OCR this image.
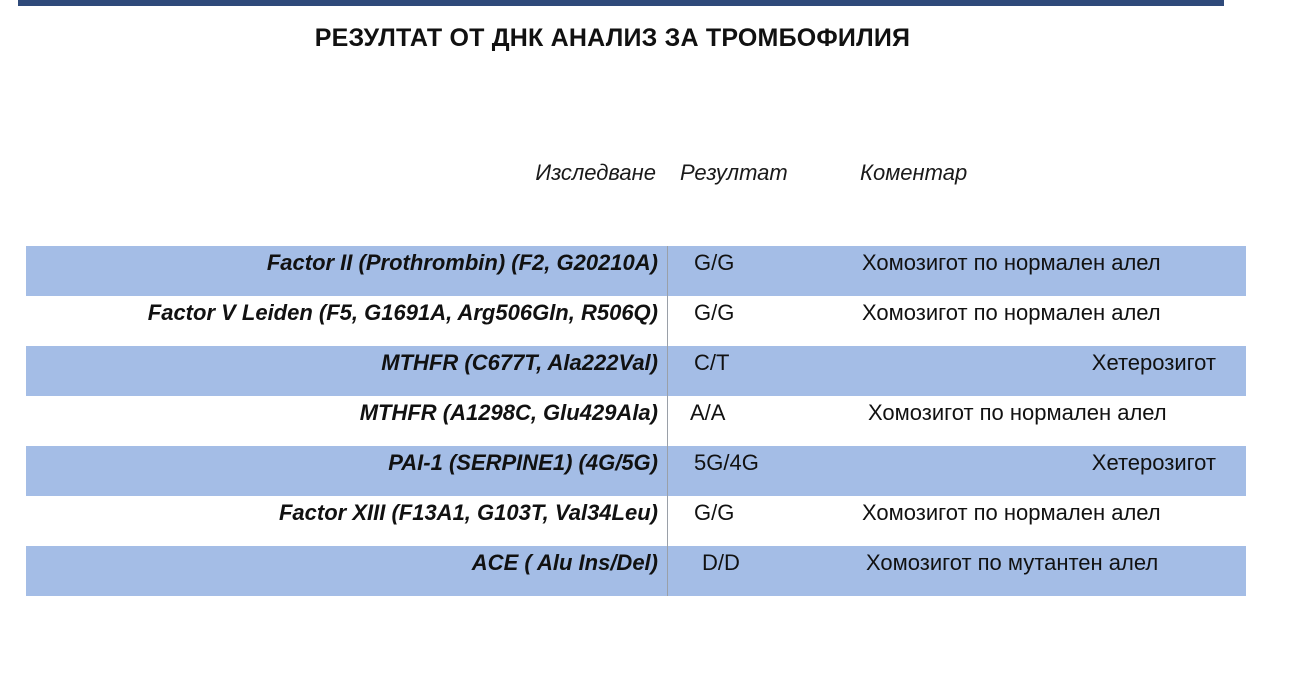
РЕЗУЛТАТ ОТ ДНК АНАЛИЗ ЗА ТРОМБОФИЛИЯ
Изследване Резултат	Коментар
Factor II (Prothrombin) (F2, G20210A) G/G	Хомозигот по нормален алел
Factor V Leiden (F5, G1691A, Arg506Gln, R506Q) G/G	Хомозигот по нормален алел
MTHFR (C677T, Ala222Val) C/T	Хетерозигот
MTHFR (A1298C, Glu429Ala) A/A	Хомозигот по нормален алел
PAI-1 (SERPINE1) (4G/5G) 5G/4G	Хетерозигот
Factor XIII (F13A1, G103T, Val34Leu) G/G	Хомозигот по нормален алел
ACE ( Alu Ins/Del) D/D	Хомозигот по мутантен алел
